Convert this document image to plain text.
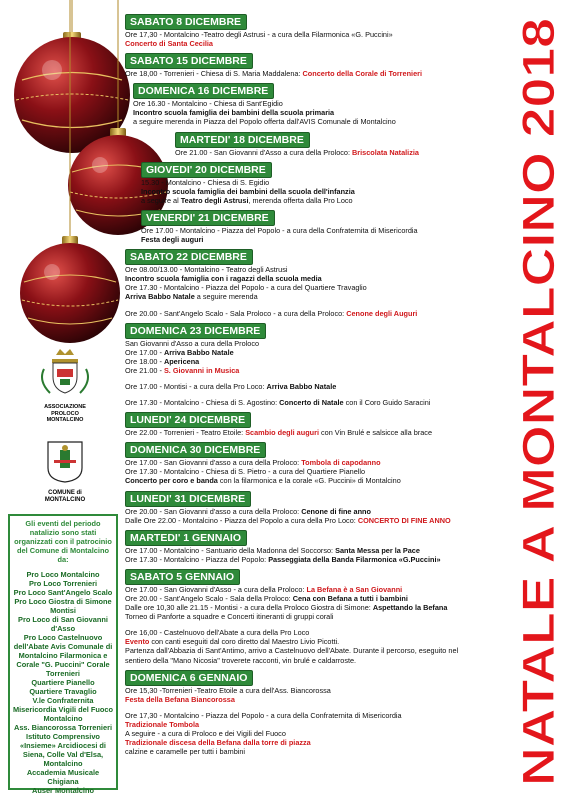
ASSOCIAZIONE PROLOCO MONTALCINO
COMUNE di MONTALCINO
Gli eventi del periodo natalizio sono stati organizzati con il patrocinio del Comune di Montalcino da:
Pro Loco Montalcino
Pro Loco Torrenieri
Pro Loco Sant'Angelo Scalo
Pro Loco Giostra di Simone Montisi
Pro Loco di San Giovanni d'Asso
Pro Loco Castelnuovo dell'Abate Avis Comunale di Montalcino Filarmonica e Corale "G. Puccini" Corale Torrenieri
Quartiere Pianello
Quartiere Travaglio
V.le Confraternita Misericordia Vigili del Fuoco Montalcino
Ass. Biancorossa Torrenieri Istituto Comprensivo «Insieme» Arcidiocesi di Siena, Colle Val d'Elsa, Montalcino
Accademia Musicale Chigiana
Auser Montalcino
SABATO 8 DICEMBRE
Ore 17,30 - Montalcino -Teatro degli Astrusi - a cura della Filarmonica «G. Puccini»
Concerto di Santa Cecilia
SABATO 15 DICEMBRE
Ore 18,00 - Torrenieri - Chiesa di S. Maria Maddalena: Concerto della Corale di Torrenieri
DOMENICA 16 DICEMBRE
Ore 16.30 - Montalcino - Chiesa di Sant'Egidio
Incontro scuola famiglia dei bambini della scuola primaria
a seguire merenda in Piazza del Popolo offerta dall'AVIS Comunale di Montalcino
MARTEDI' 18 DICEMBRE
Ore 21.00 - San Giovanni d'Asso a cura della Proloco: Briscolata Natalizia
GIOVEDI' 20 DICEMBRE
15.30 - Montalcino - Chiesa di S. Egidio
Incontro scuola famiglia dei bambini della scuola dell'infanzia
a seguire al Teatro degli Astrusi, merenda offerta dalla Pro Loco
VENERDI' 21 DICEMBRE
Ore 17.00 - Montalcino - Piazza del Popolo - a cura della Confraternita di Misericordia
Festa degli auguri
SABATO 22 DICEMBRE
Ore 08.00/13.00 - Montalcino - Teatro degli Astrusi
Incontro scuola famiglia con i ragazzi della scuola media
Ore 17.30 - Montalcino - Piazza del Popolo - a cura del Quartiere Travaglio
Arriva Babbo Natale a seguire merenda
Ore 20.00 - Sant'Angelo Scalo - Sala Proloco - a cura della Proloco: Cenone degli Auguri
DOMENICA 23 DICEMBRE
San Giovanni d'Asso a cura della Proloco
Ore 17.00 - Arriva Babbo Natale
Ore 18.00 - Apericena
Ore 21.00 - S. Giovanni in Musica
Ore 17.00 - Montisi - a cura della Pro Loco: Arriva Babbo Natale
Ore 17.30 - Montalcino - Chiesa di S. Agostino: Concerto di Natale con il Coro Guido Saracini
LUNEDI' 24 DICEMBRE
Ore 22.00 - Torrenieri - Teatro Etoile: Scambio degli auguri con Vin Brulé e salsicce alla brace
DOMENICA 30 DICEMBRE
Ore 17.00 - San Giovanni d'asso a cura della Proloco: Tombola di capodanno
Ore 17.30 - Montalcino - Chiesa di S. Pietro - a cura del Quartiere Pianello
Concerto per coro e banda con la filarmonica e la corale «G. Puccini» di Montalcino
LUNEDI' 31 DICEMBRE
Ore 20.00 - San Giovanni d'asso a cura della Proloco: Cenone di fine anno
Dalle Ore 22.00 - Montalcino - Piazza del Popolo a cura della Pro Loco: CONCERTO DI FINE ANNO
MARTEDI' 1 GENNAIO
Ore 17.00 - Montalcino - Santuario della Madonna del Soccorso: Santa Messa per la Pace
Ore 17.30 - Montalcino - Piazza del Popolo: Passeggiata della Banda Filarmonica «G.Puccini»
SABATO 5 GENNAIO
Ore 17.00 - San Giovanni d'Asso - a cura della Proloco: La Befana è a San Giovanni
Ore 20.00 - Sant'Angelo Scalo - Sala della Proloco: Cena con Befana a tutti i bambini
Dalle ore 10,30 alle 21.15 - Montisi - a cura della Proloco Giostra di Simone: Aspettando la Befana
Torneo di Panforte a squadre e Concerti itineranti di gruppi corali
Ore 16,00 - Castelnuovo dell'Abate a cura della Pro Loco
Evento con canti eseguiti dal coro diretto dal Maestro Livio Picotti.
Partenza dall'Abbazia di Sant'Antimo, arrivo a Castelnuovo dell'Abate. Durante il percorso, eseguito nel
sentiero della "Mano Nicosia" troverete racconti, vin brulé e caldarroste.
DOMENICA 6 GENNAIO
Ore 15,30 -Torrenieri -Teatro Etoile a cura dell'Ass. Biancorossa
Festa della Befana Biancorossa
Ore 17,30 - Montalcino - Piazza del Popolo - a cura della Confraternita di Misericordia
Tradizionale Tombola
A seguire - a cura di Proloco e dei Vigili del Fuoco
Tradizionale discesa della Befana dalla torre di piazza
calzine e caramelle per tutti i bambini	NATALE A MONTALCINO 2018
